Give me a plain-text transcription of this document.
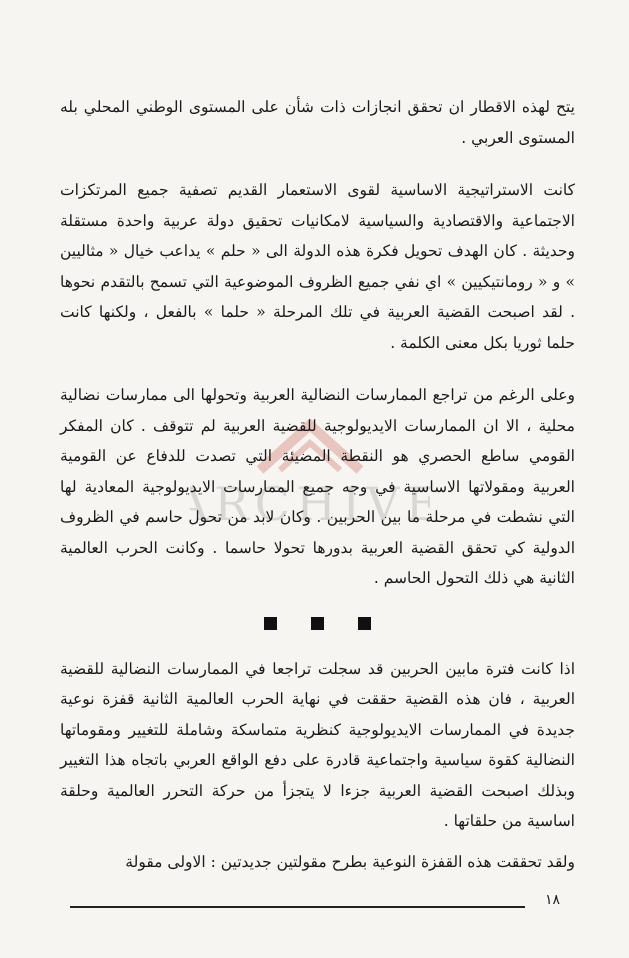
ARCHIVE

يتح لهذه الاقطار ان تحقق انجازات ذات شأن على المستوى الوطني المحلي بله المستوى العربي .

كانت الاستراتيجية الاساسية لقوى الاستعمار القديم تصفية جميع المرتكزات الاجتماعية والاقتصادية والسياسية لامكانيات تحقيق دولة عربية واحدة مستقلة وحديثة . كان الهدف تحويل فكرة هذه الدولة الى « حلم » يداعب خيال « مثاليين » و « رومانتيكيين » اي نفي جميع الظروف الموضوعية التي تسمح بالتقدم نحوها . لقد اصبحت القضية العربية في تلك المرحلة « حلما » بالفعل ، ولكنها كانت حلما ثوريا بكل معنى الكلمة .

وعلى الرغم من تراجع الممارسات النضالية العربية وتحولها الى ممارسات نضالية محلية ، الا ان الممارسات الايديولوجية للقضية العربية لم تتوقف . كان المفكر القومي ساطع الحصري هو النقطة المضيئة التي تصدت للدفاع عن القومية العربية ومقولاتها الاساسية في وجه جميع الممارسات الايديولوجية المعادية لها التي نشطت في مرحلة ما بين الحربين . وكان لابد من تحول حاسم في الظروف الدولية كي تحقق القضية العربية بدورها تحولا حاسما . وكانت الحرب العالمية الثانية هي ذلك التحول الحاسم .

اذا كانت فترة مابين الحربين قد سجلت تراجعا في الممارسات النضالية للقضية العربية ، فان هذه القضية حققت في نهاية الحرب العالمية الثانية قفزة نوعية جديدة في الممارسات الايديولوجية كنظرية متماسكة وشاملة للتغيير ومقوماتها النضالية كقوة سياسية واجتماعية قادرة على دفع الواقع العربي باتجاه هذا التغيير وبذلك اصبحت القضية العربية جزءا لا يتجزأ من حركة التحرر العالمية وحلقة اساسية من حلقاتها .

ولقد تحققت هذه القفزة النوعية بطرح مقولتين جديدتين : الاولى مقولة

١٨
